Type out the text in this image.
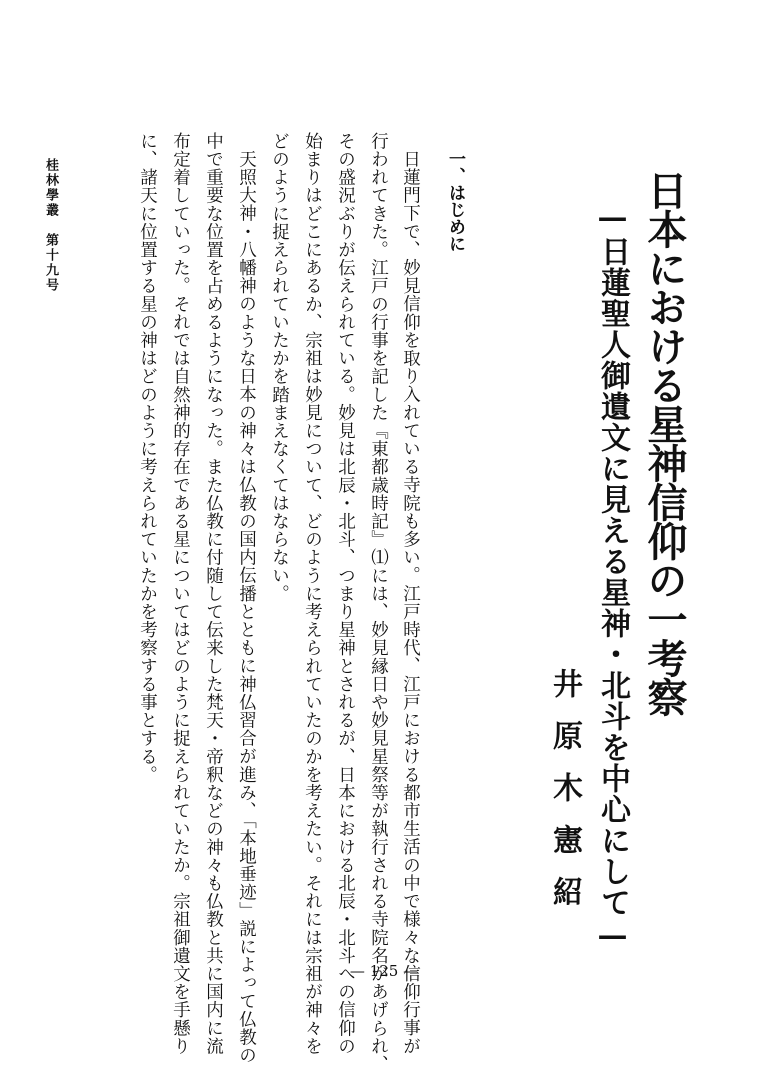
日本における星神信仰の一考察
—日蓮聖人御遺文に見える星神・北斗を中心にして—
井原木憲紹
一、はじめに
日蓮門下で、妙見信仰を取り入れている寺院も多い。江戸時代、江戸における都市生活の中で様々な信仰行事が
行われてきた。江戸の行事を記した『東都歳時記』⑴には、妙見縁日や妙見星祭等が執行される寺院名があげられ、
その盛況ぶりが伝えられている。妙見は北辰・北斗、つまり星神とされるが、日本における北辰・北斗への信仰の
始まりはどこにあるか、宗祖は妙見について、どのように考えられていたのかを考えたい。それには宗祖が神々を
どのように捉えられていたかを踏まえなくてはならない。
天照大神・八幡神のような日本の神々は仏教の国内伝播とともに神仏習合が進み、「本地垂迹」説によって仏教の
中で重要な位置を占めるようになった。また仏教に付随して伝来した梵天・帝釈などの神々も仏教と共に国内に流
布定着していった。それでは自然神的存在である星についてはどのように捉えられていたか。宗祖御遺文を手懸り
に、諸天に位置する星の神はどのように考えられていたかを考察する事とする。
桂林學叢　第十九号
— 125 —
